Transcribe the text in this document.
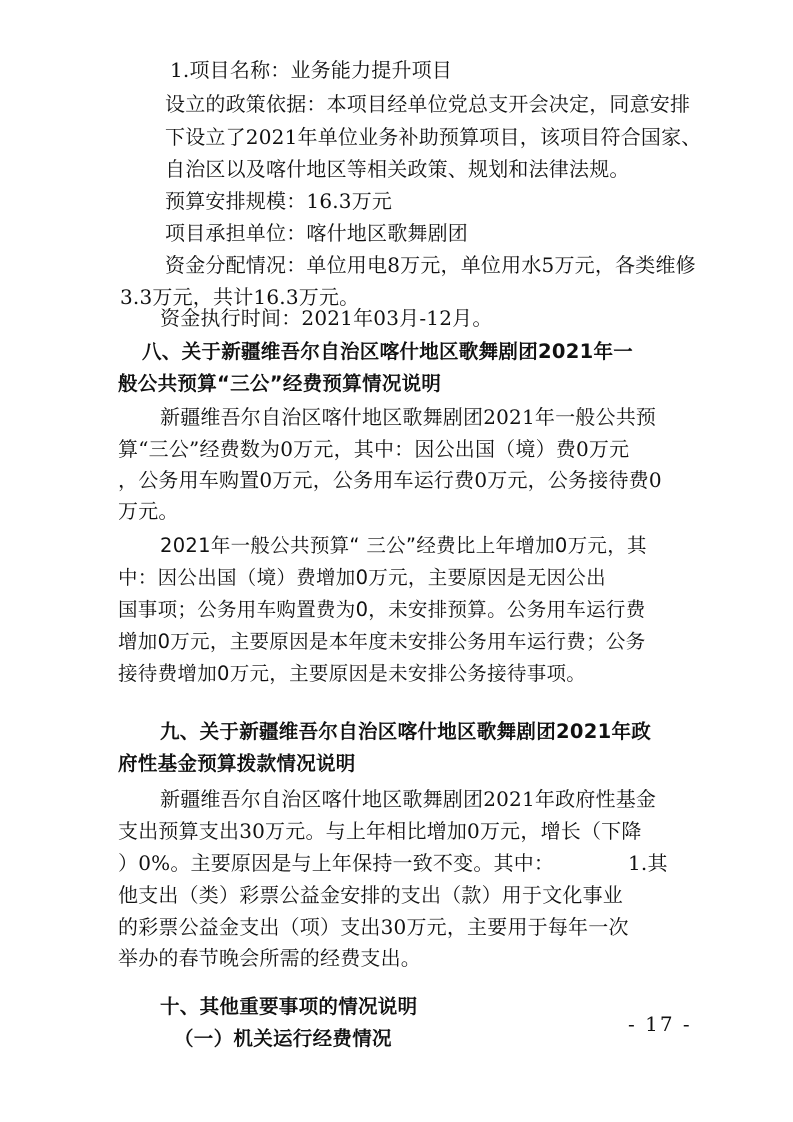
1.项目名称：业务能力提升项目
设立的政策依据：本项目经单位党总支开会决定，同意安排
下设立了2021年单位业务补助预算项目，该项目符合国家、
自治区以及喀什地区等相关政策、规划和法律法规。
预算安排规模：16.3万元
项目承担单位：喀什地区歌舞剧团
资金分配情况：单位用电8万元，单位用水5万元，各类维修
3.3万元，共计16.3万元。
资金执行时间：2021年03月-12月。
八、关于新疆维吾尔自治区喀什地区歌舞剧团2021年一
般公共预算“三公”经费预算情况说明
新疆维吾尔自治区喀什地区歌舞剧团2021年一般公共预
算“三公”经费数为0万元，其中：因公出国（境）费0万元
，公务用车购置0万元，公务用车运行费0万元，公务接待费0
万元。
2021年一般公共预算“ 三公”经费比上年增加0万元，其
中：因公出国（境）费增加0万元，主要原因是无因公出
国事项；公务用车购置费为0，未安排预算。公务用车运行费
增加0万元，主要原因是本年度未安排公务用车运行费；公务
接待费增加0万元，主要原因是未安排公务接待事项。
九、关于新疆维吾尔自治区喀什地区歌舞剧团2021年政
府性基金预算拨款情况说明
新疆维吾尔自治区喀什地区歌舞剧团2021年政府性基金
支出预算支出30万元。与上年相比增加0万元，增长（下降
）0%。主要原因是与上年保持一致不变。其中：	1.其
他支出（类）彩票公益金安排的支出（款）用于文化事业
的彩票公益金支出（项）支出30万元，主要用于每年一次
举办的春节晚会所需的经费支出。
十、其他重要事项的情况说明
（一）机关运行经费情况
- 17 -
